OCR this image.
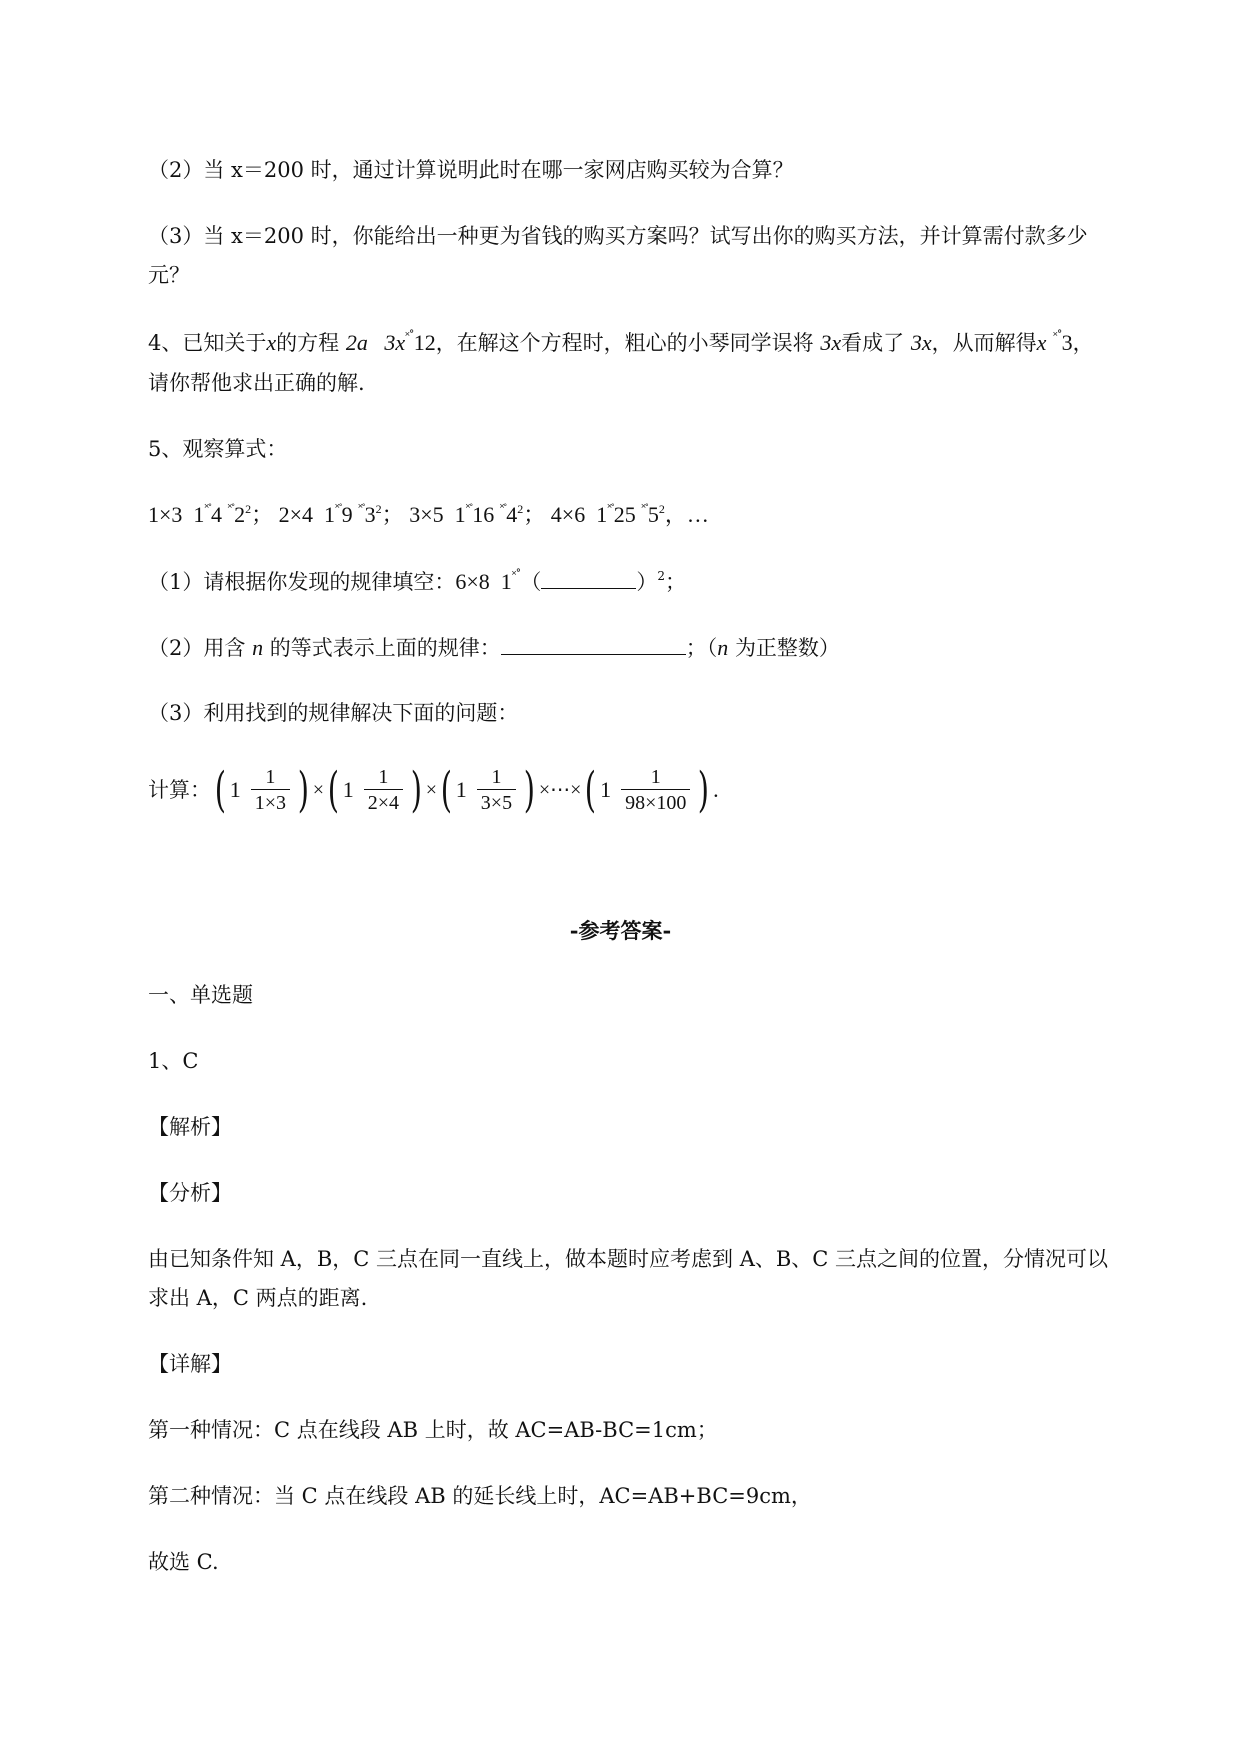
（2）当 x＝200 时，通过计算说明此时在哪一家网店购买较为合算？
（3）当 x＝200 时，你能给出一种更为省钱的购买方案吗？试写出你的购买方法，并计算需付款多少
元？
4、已知关于x的方程 2a   3x˟˚12，在解这个方程时，粗心的小琴同学误将 3x看成了 3x，从而解得x ˟˚3，
请你帮他求出正确的解.
5、观察算式：
1×3  1˟˚4 $^{˟˚}2^2$； 2×4  1˟˚9 $^{˟˚}3^2$； 3×5  1˟˚16 $^{˟˚}4^2$； 4×6  1˟˚25 $^{˟˚}5^2$，…
（1）请根据你发现的规律填空：6×8  1˟˚（	）$^2$；
（2）用含 n 的等式表示上面的规律：	；（n 为正整数）
（3）利用找到的规律解决下面的问题：
计算： ( $1 \frac{1}{1\times 3}$ ) × ( $1 \frac{1}{2\times 4}$ ) × ( $1 \frac{1}{3\times 5}$ ) ×⋯× ( $1 \frac{1}{98\times 100}$ ) .
-参考答案-
一、单选题
1、C
【解析】
【分析】
由已知条件知 A，B，C 三点在同一直线上，做本题时应考虑到 A、B、C 三点之间的位置，分情况可以
求出 A，C 两点的距离.
【详解】
第一种情况：C 点在线段 AB 上时，故 AC=AB-BC=1cm；
第二种情况：当 C 点在线段 AB 的延长线上时，AC=AB+BC=9cm，
故选 C.
